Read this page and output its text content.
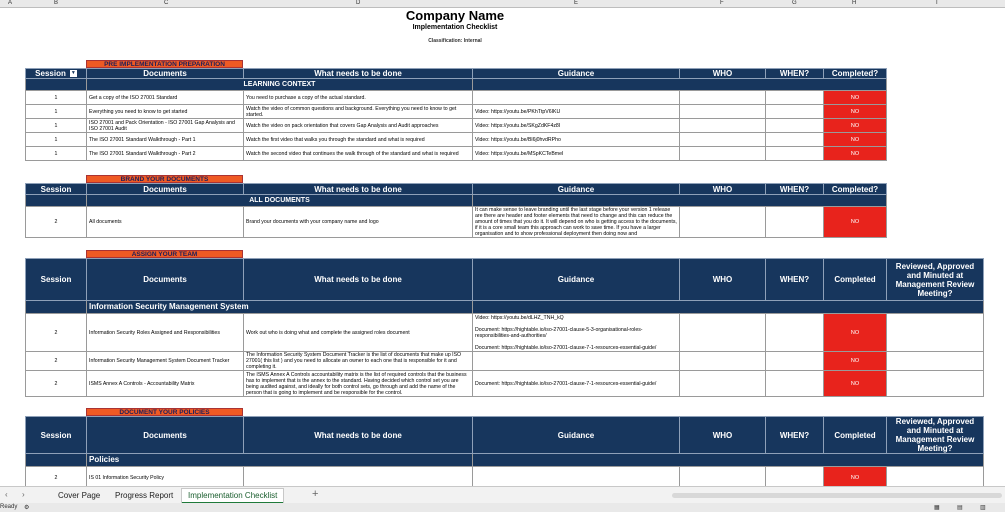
A	B	C	D	E	F	G	H	I
Company Name
Implementation Checklist
Classification: Internal
PRE IMPLEMENTATION PREPARATION
Session ▼	Documents	What needs to be done	Guidance	WHO	WHEN?	Completed?
	LEARNING CONTEXT					
1	Get a copy of the ISO 27001 Standard	You need to purchase a copy of the actual standard.				NO
1	Everything you need to know to get started	Watch the video of common questions and background. Everything you need to know to get started.	Video: https://youtu.be/PKhTtpV6IKU			NO
1	ISO 27001 and Pack Orientation - ISO 27001 Gap Analysis and ISO 27001 Audit	Watch the video on pack orientation that covers Gap Analysis and Audit approaches	Video: https://youtu.be/SKgZdKF4z8I			NO
1	The ISO 27001 Standard Walkthrough - Part 1	Watch the first video that walks you through the standard and what is required	Video: https://youtu.be/Bl6j0hvdRPho			NO
1	The ISO 27001 Standard Walkthrough - Part 2	Watch the second video that continues the walk through of the standard and what is required	Video: https://youtu.be/MSpKCTeBmeI			NO
BRAND YOUR DOCUMENTS
Session	Documents	What needs to be done	Guidance	WHO	WHEN?	Completed?
	ALL DOCUMENTS					
2	All documents	Brand your documents with your company name and logo	It can make sense to leave branding until the last stage before your version 1 release are there are header and footer elements that need to change and this can reduce the amount of times that you do it. It will depend on who is getting access to the documents, if it is a core small team this approach can work to save time. If you have a larger organisation and to show professional deployment then doing now and			NO
ASSIGN YOUR TEAM
Session	Documents	What needs to be done	Guidance	WHO	WHEN?	Completed	Reviewed, Approved and Minuted at Management Review Meeting?
	Information Security Management System						
2	Information Security Roles Assigned and Responsibilities	Work out who is doing what and complete the assigned roles document	Video: https://youtu.be/dLHZ_TNH_kQ

Document: https://hightable.io/iso-27001-clause-5-3-organisational-roles-responsibilities-and-authorities/

Document: https://hightable.io/iso-27001-clause-7-1-resources-essential-guide/			NO	
2	Information Security Management System Document Tracker	The Information Security System Document Tracker is the list of documents that make up ISO 27001( this list ) and you need to allocate an owner to each one that is responsible for it and completing it.				NO	
2	ISMS Annex A Controls - Accountability Matrix	The ISMS Annex A Controls accountability matrix is the list of required controls that the business has to implement that is the annex to the standard. Having decided which control set you are being audited against, and ideally for both control sets, go through and add the name of the person that is going to implement and be responsible for the control.	Document: https://hightable.io/iso-27001-clause-7-1-resources-essential-guide/			NO	
DOCUMENT YOUR POLICIES
Session	Documents	What needs to be done	Guidance	WHO	WHEN?	Completed	Reviewed, Approved and Minuted at Management Review Meeting?
	Policies						
2	IS 01 Information Security Policy					NO	
‹ ›	Cover Page	Progress Report	Implementation Checklist	+
Ready ⚙	▦	▤	▥
